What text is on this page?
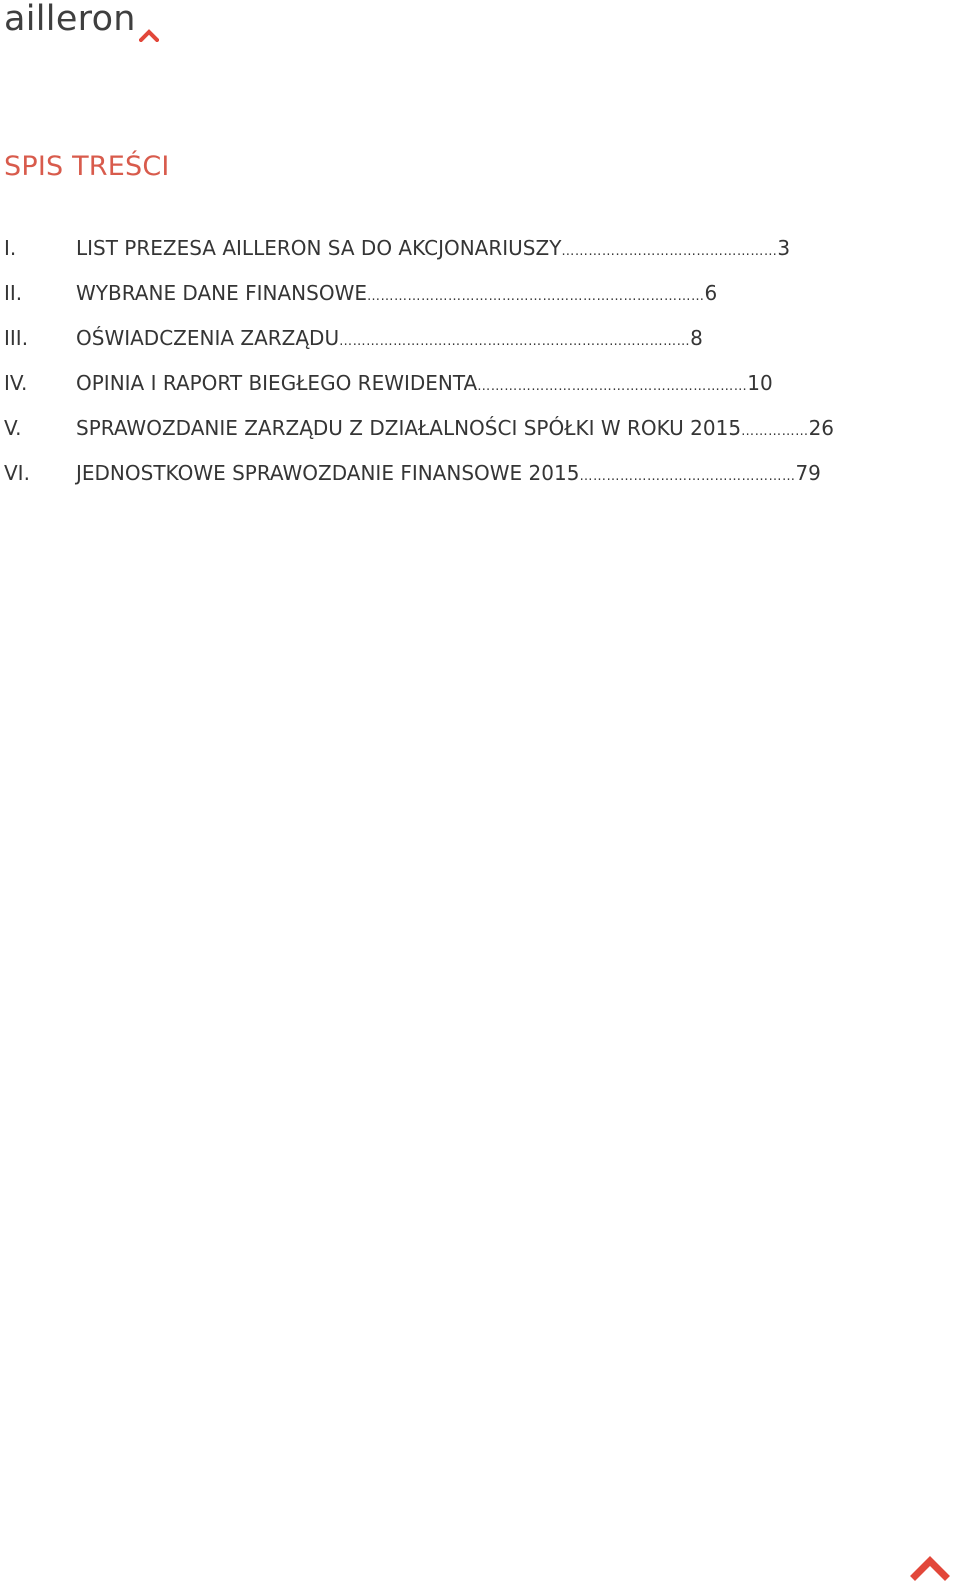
ailleron
SPIS TREŚCI
I.	LIST PREZESA AILLERON SA DO AKCJONARIUSZY ………………………………………… 3
II.	WYBRANE DANE FINANSOWE ………………………………………………………………… 6
III.	OŚWIADCZENIA ZARZĄDU …………………………………………………………………… 8
IV.	OPINIA I RAPORT BIEGŁEGO REWIDENTA …………………………………………………… 10
V.	SPRAWOZDANIE ZARZĄDU Z DZIAŁALNOŚCI SPÓŁKI W ROKU 2015 …………… 26
VI.	JEDNOSTKOWE SPRAWOZDANIE FINANSOWE 2015 ………………………………………… 79
